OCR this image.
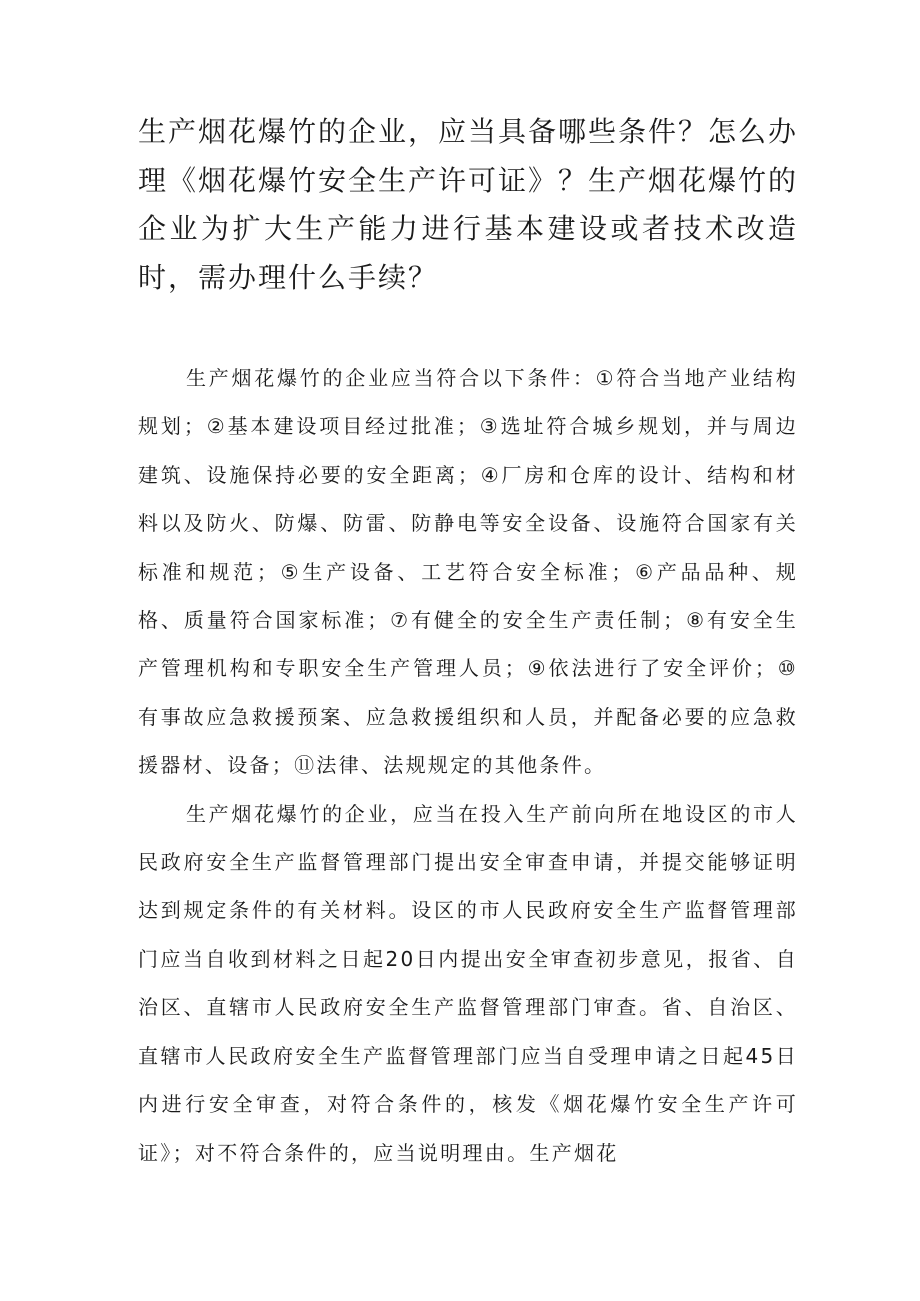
生产烟花爆竹的企业，应当具备哪些条件？怎么办理《烟花爆竹安全生产许可证》？生产烟花爆竹的企业为扩大生产能力进行基本建设或者技术改造时，需办理什么手续？

生产烟花爆竹的企业应当符合以下条件：①符合当地产业结构规划；②基本建设项目经过批准；③选址符合城乡规划，并与周边建筑、设施保持必要的安全距离；④厂房和仓库的设计、结构和材料以及防火、防爆、防雷、防静电等安全设备、设施符合国家有关标准和规范；⑤生产设备、工艺符合安全标准；⑥产品品种、规格、质量符合国家标准；⑦有健全的安全生产责任制；⑧有安全生产管理机构和专职安全生产管理人员；⑨依法进行了安全评价；⑩有事故应急救援预案、应急救援组织和人员，并配备必要的应急救援器材、设备；⑪法律、法规规定的其他条件。

生产烟花爆竹的企业，应当在投入生产前向所在地设区的市人民政府安全生产监督管理部门提出安全审查申请，并提交能够证明达到规定条件的有关材料。设区的市人民政府安全生产监督管理部门应当自收到材料之日起20日内提出安全审查初步意见，报省、自治区、直辖市人民政府安全生产监督管理部门审查。省、自治区、直辖市人民政府安全生产监督管理部门应当自受理申请之日起45日内进行安全审查，对符合条件的，核发《烟花爆竹安全生产许可证》；对不符合条件的，应当说明理由。生产烟花
